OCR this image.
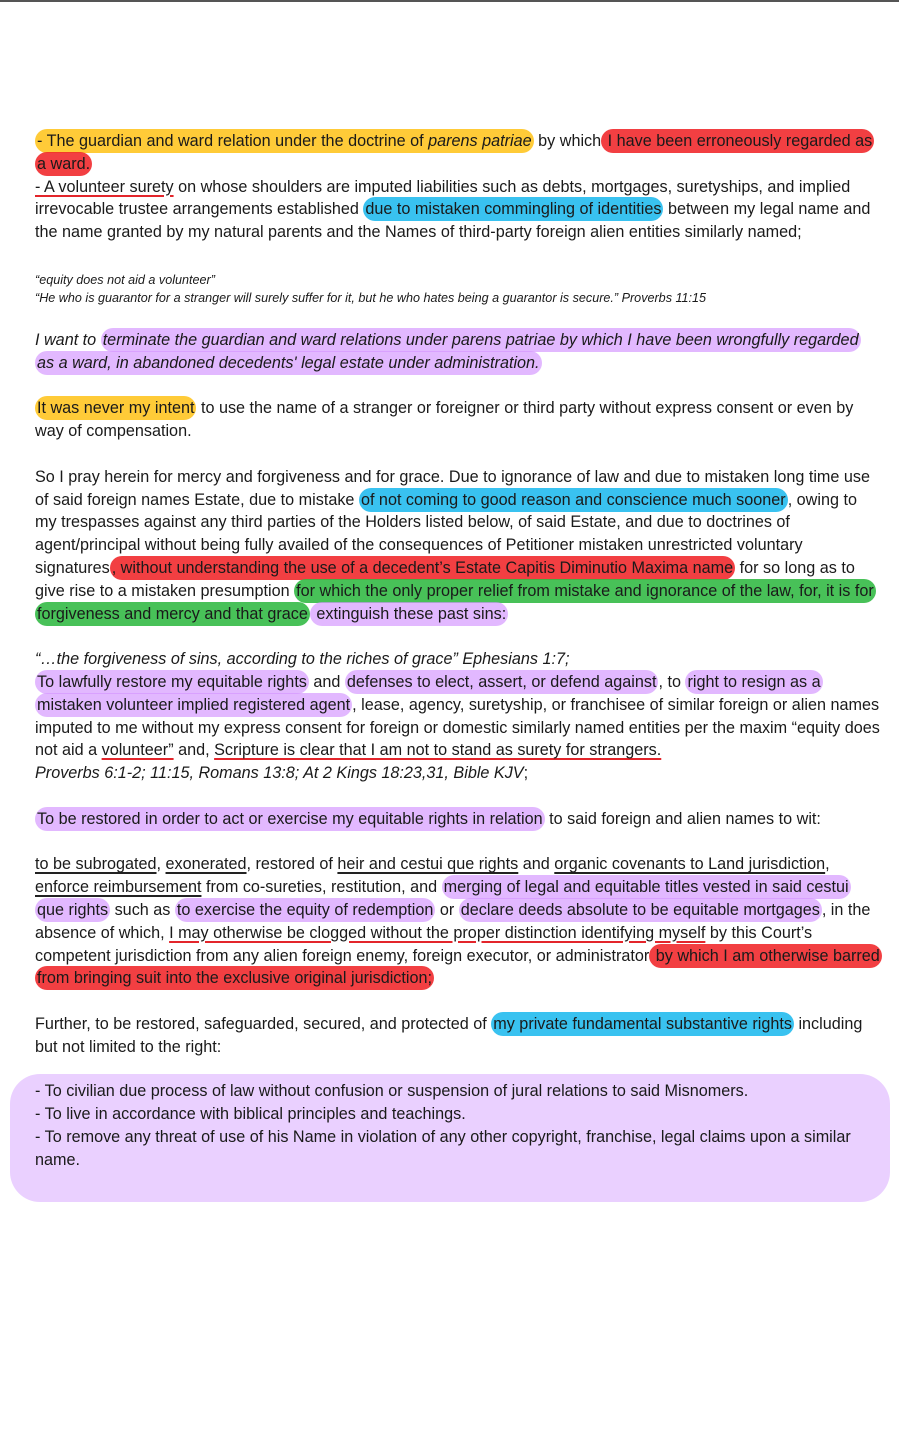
- The guardian and ward relation under the doctrine of parens patriae by which I have been erroneously regarded as a ward.

- A volunteer surety on whose shoulders are imputed liabilities such as debts, mortgages, suretyships, and implied irrevocable trustee arrangements established due to mistaken commingling of identities between my legal name and the name granted by my natural parents and the Names of third-party foreign alien entities similarly named;

“equity does not aid a volunteer”

“He who is guarantor for a stranger will surely suffer for it, but he who hates being a guarantor is secure.” Proverbs 11:15

I want to terminate the guardian and ward relations under parens patriae by which I have been wrongfully regarded as a ward, in abandoned decedents' legal estate under administration.

It was never my intent to use the name of a stranger or foreigner or third party without express consent or even by way of compensation.

So I pray herein for mercy and forgiveness and for grace. Due to ignorance of law and due to mistaken long time use of said foreign names Estate, due to mistake of not coming to good reason and conscience much sooner , owing to my trespasses against any third parties of the Holders listed below, of said Estate, and due to doctrines of agent/principal without being fully availed of the consequences of Petitioner mistaken unrestricted voluntary signatures , without understanding the use of a decedent’s Estate Capitis Diminutio Maxima name for so long as to give rise to a mistaken presumption for which the only proper relief from mistake and ignorance of the law, for, it is for forgiveness and mercy and that grace extinguish these past sins:

“…the forgiveness of sins, according to the riches of grace” Ephesians 1:7;

To lawfully restore my equitable rights and defenses to elect, assert, or defend against , to right to resign as a mistaken volunteer implied registered agent , lease, agency, suretyship, or franchisee of similar foreign or alien names imputed to me without my express consent for foreign or domestic similarly named entities per the maxim “equity does not aid a volunteer” and, Scripture is clear that I am not to stand as surety for strangers.

Proverbs 6:1-2; 11:15, Romans 13:8; At 2 Kings 18:23,31, Bible KJV;

To be restored in order to act or exercise my equitable rights in relation to said foreign and alien names to wit:

to be subrogated, exonerated, restored of heir and cestui que rights and organic covenants to Land jurisdiction, enforce reimbursement from co-sureties, restitution, and merging of legal and equitable titles vested in said cestui que rights such as to exercise the equity of redemption or declare deeds absolute to be equitable mortgages , in the absence of which, I may otherwise be clogged without the proper distinction identifying myself by this Court’s competent jurisdiction from any alien foreign enemy, foreign executor, or administrator by which I am otherwise barred from bringing suit into the exclusive original jurisdiction;

Further, to be restored, safeguarded, secured, and protected of my private fundamental substantive rights including but not limited to the right:

- To civilian due process of law without confusion or suspension of jural relations to said Misnomers.

- To live in accordance with biblical principles and teachings.

- To remove any threat of use of his Name in violation of any other copyright, franchise, legal claims upon a similar name.
